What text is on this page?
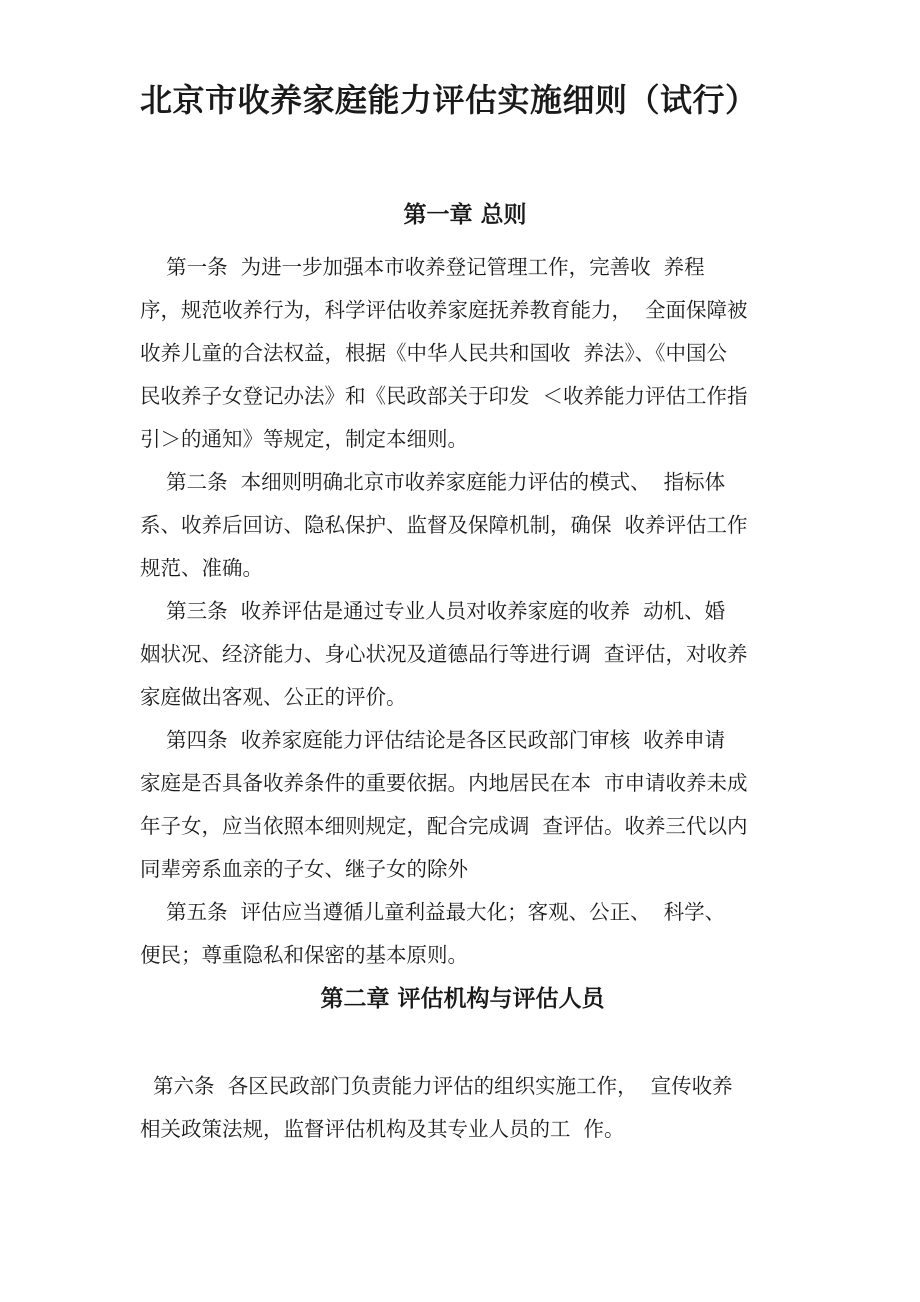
北京市收养家庭能力评估实施细则（试行）
第一章 总则
第一条  为进一步加强本市收养登记管理工作，完善收  养程
序，规范收养行为，科学评估收养家庭抚养教育能力，  全面保障被
收养儿童的合法权益，根据《中华人民共和国收  养法》、《中国公
民收养子女登记办法》和《民政部关于印发  ＜收养能力评估工作指
引＞的通知》等规定，制定本细则。
第二条  本细则明确北京市收养家庭能力评估的模式、  指标体
系、收养后回访、隐私保护、监督及保障机制，确保  收养评估工作
规范、准确。
第三条  收养评估是通过专业人员对收养家庭的收养  动机、婚
姻状况、经济能力、身心状况及道德品行等进行调  查评估，对收养
家庭做出客观、公正的评价。
第四条  收养家庭能力评估结论是各区民政部门审核  收养申请
家庭是否具备收养条件的重要依据。内地居民在本  市申请收养未成
年子女，应当依照本细则规定，配合完成调  查评估。收养三代以内
同辈旁系血亲的子女、继子女的除外
第五条  评估应当遵循儿童利益最大化；客观、公正、  科学、
便民；尊重隐私和保密的基本原则。
第二章 评估机构与评估人员
第六条  各区民政部门负责能力评估的组织实施工作，  宣传收养
相关政策法规，监督评估机构及其专业人员的工  作。
